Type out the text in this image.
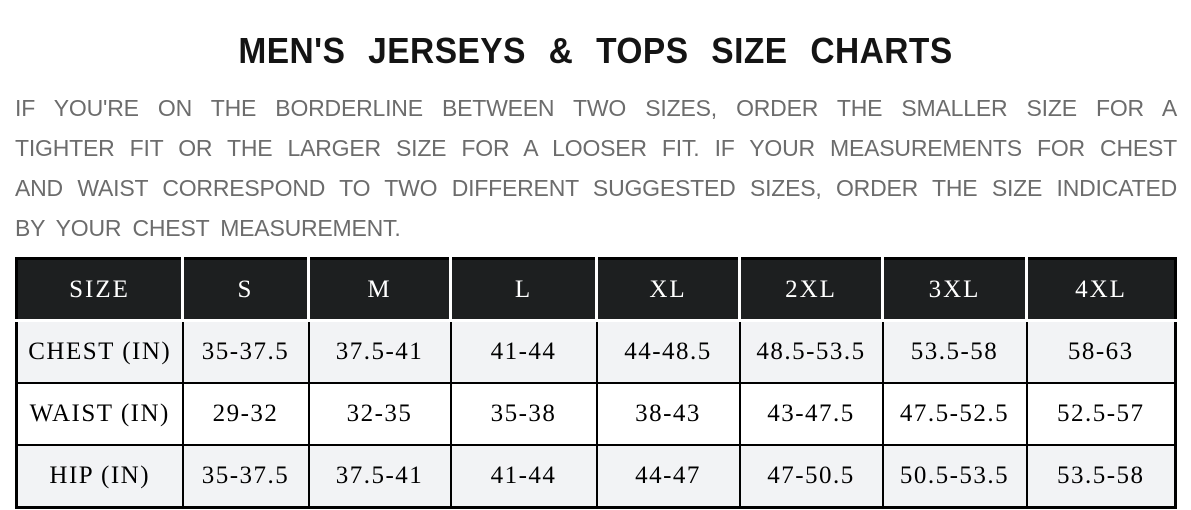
MEN'S JERSEYS & TOPS SIZE CHARTS
IF YOU'RE ON THE BORDERLINE BETWEEN TWO SIZES, ORDER THE SMALLER SIZE FOR A TIGHTER FIT OR THE LARGER SIZE FOR A LOOSER FIT. IF YOUR MEASUREMENTS FOR CHEST AND WAIST CORRESPOND TO TWO DIFFERENT SUGGESTED SIZES, ORDER THE SIZE INDICATED BY YOUR CHEST MEASUREMENT.
SIZE	S	M	L	XL	2XL	3XL	4XL
CHEST (IN)	35-37.5	37.5-41	41-44	44-48.5	48.5-53.5	53.5-58	58-63
WAIST (IN)	29-32	32-35	35-38	38-43	43-47.5	47.5-52.5	52.5-57
HIP (IN)	35-37.5	37.5-41	41-44	44-47	47-50.5	50.5-53.5	53.5-58
